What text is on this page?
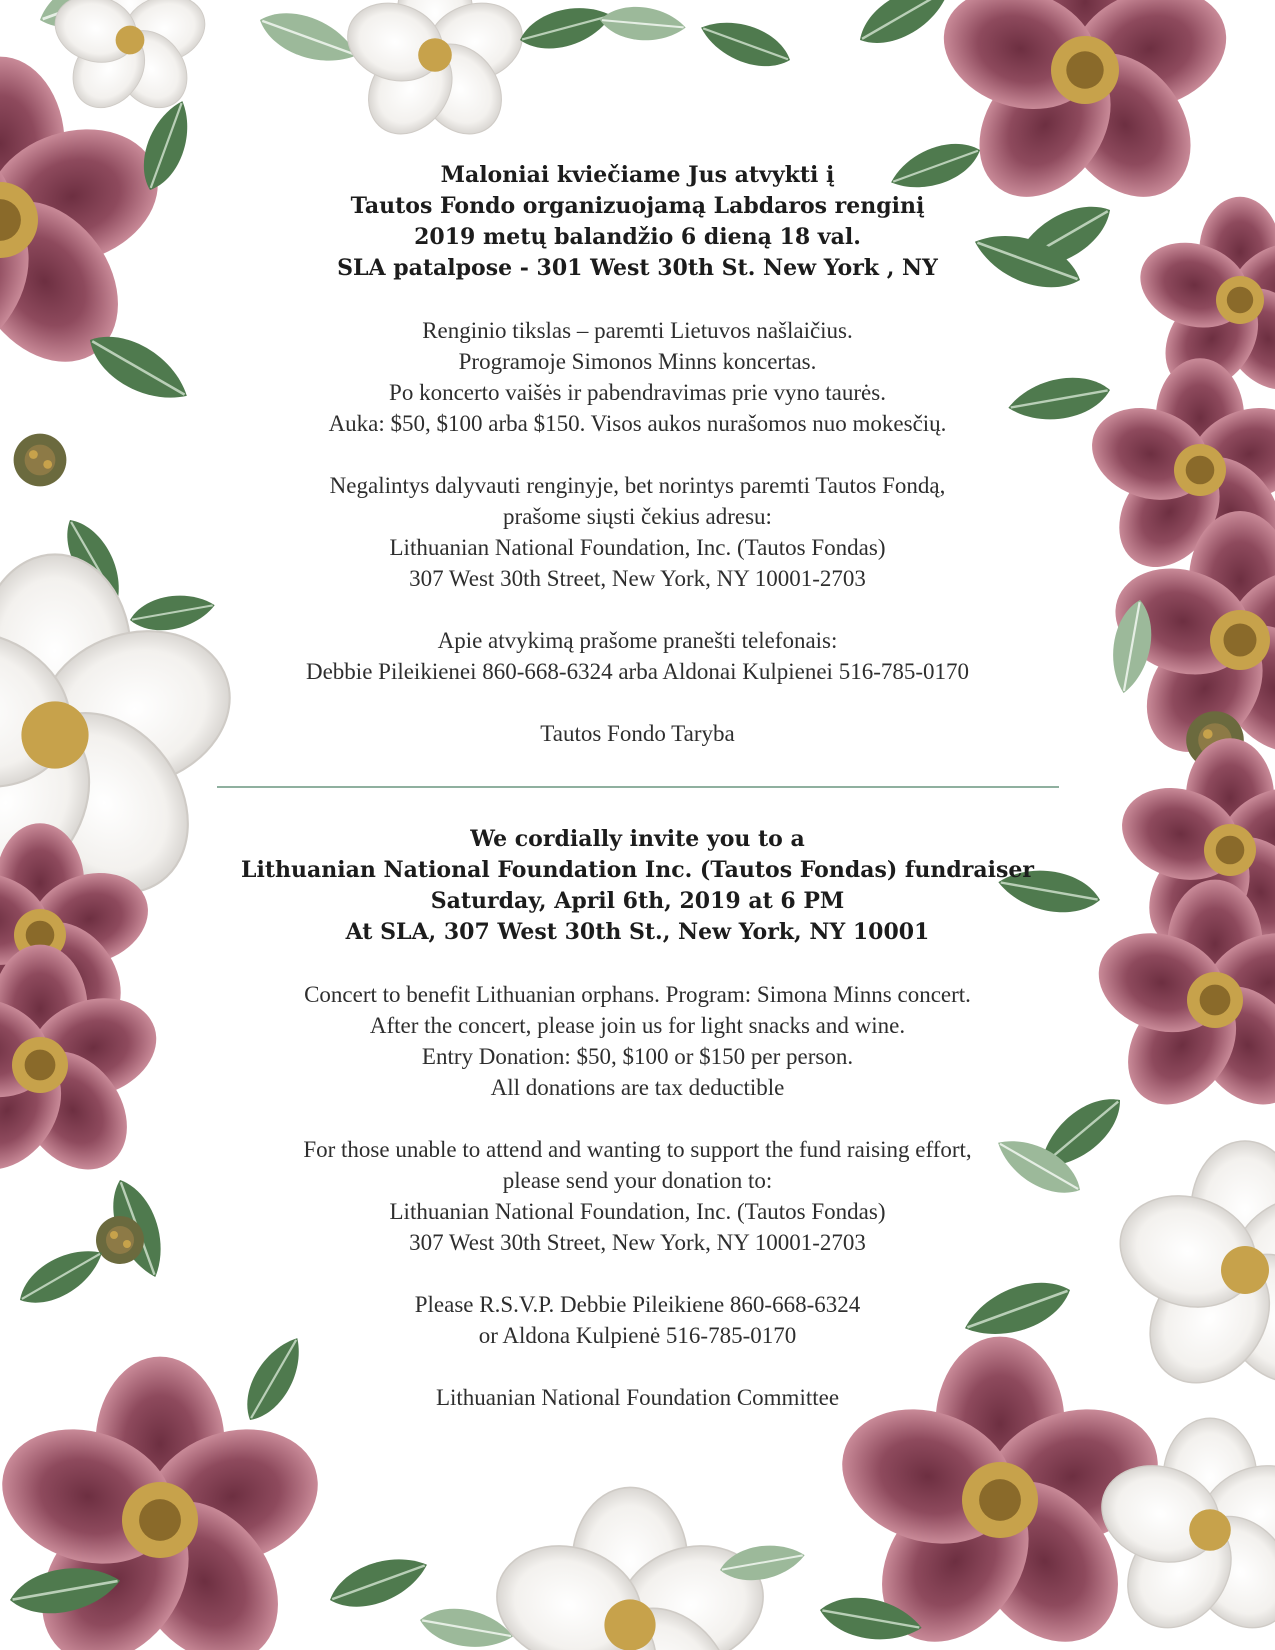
Maloniai kviečiame Jus atvykti į
Tautos Fondo organizuojamą Labdaros renginį
2019 metų balandžio 6 dieną 18 val.
SLA patalpose - 301 West 30th St. New York , NY
Renginio tikslas – paremti Lietuvos našlaičius.
Programoje Simonos Minns koncertas.
Po koncerto vaišės ir pabendravimas prie vyno taurės.
Auka: $50, $100 arba $150. Visos aukos nurašomos nuo mokesčių.
Negalintys dalyvauti renginyje, bet norintys paremti Tautos Fondą,
prašome siųsti čekius adresu:
Lithuanian National Foundation, Inc. (Tautos Fondas)
307 West 30th Street, New York, NY 10001-2703
Apie atvykimą prašome pranešti telefonais:
Debbie Pileikienei 860-668-6324 arba Aldonai Kulpienei 516-785-0170
Tautos Fondo Taryba
We cordially invite you to a
Lithuanian National Foundation Inc. (Tautos Fondas) fundraiser
Saturday, April 6th, 2019 at 6 PM
At SLA, 307 West 30th St., New York, NY 10001
Concert to benefit Lithuanian orphans. Program: Simona Minns concert.
After the concert, please join us for light snacks and wine.
Entry Donation: $50, $100 or $150 per person.
All donations are tax deductible
For those unable to attend and wanting to support the fund raising effort,
please send your donation to:
Lithuanian National Foundation, Inc. (Tautos Fondas)
307 West 30th Street, New York, NY 10001-2703
Please R.S.V.P. Debbie Pileikiene 860-668-6324
or Aldona Kulpienė 516-785-0170
Lithuanian National Foundation Committee
